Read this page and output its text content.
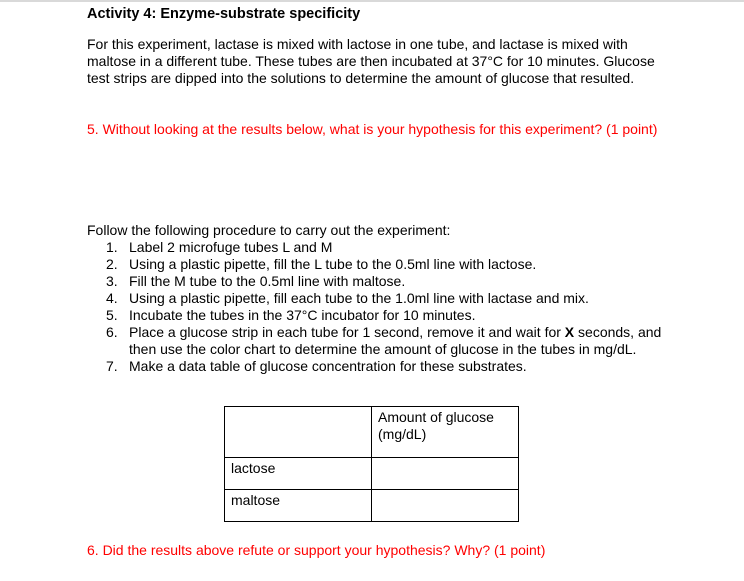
Activity 4: Enzyme-substrate specificity

For this experiment, lactase is mixed with lactose in one tube, and lactase is mixed with maltose in a different tube. These tubes are then incubated at 37°C for 10 minutes. Glucose test strips are dipped into the solutions to determine the amount of glucose that resulted.

5. Without looking at the results below, what is your hypothesis for this experiment? (1 point)

Follow the following procedure to carry out the experiment:

1. Label 2 microfuge tubes L and M
2. Using a plastic pipette, fill the L tube to the 0.5ml line with lactose.
3. Fill the M tube to the 0.5ml line with maltose.
4. Using a plastic pipette, fill each tube to the 1.0ml line with lactase and mix.
5. Incubate the tubes in the 37°C incubator for 10 minutes.
6. Place a glucose strip in each tube for 1 second, remove it and wait for X seconds, and then use the color chart to determine the amount of glucose in the tubes in mg/dL.
7. Make a data table of glucose concentration for these substrates.
	Amount of glucose (mg/dL)
lactose	
maltose	

6. Did the results above refute or support your hypothesis? Why? (1 point)
